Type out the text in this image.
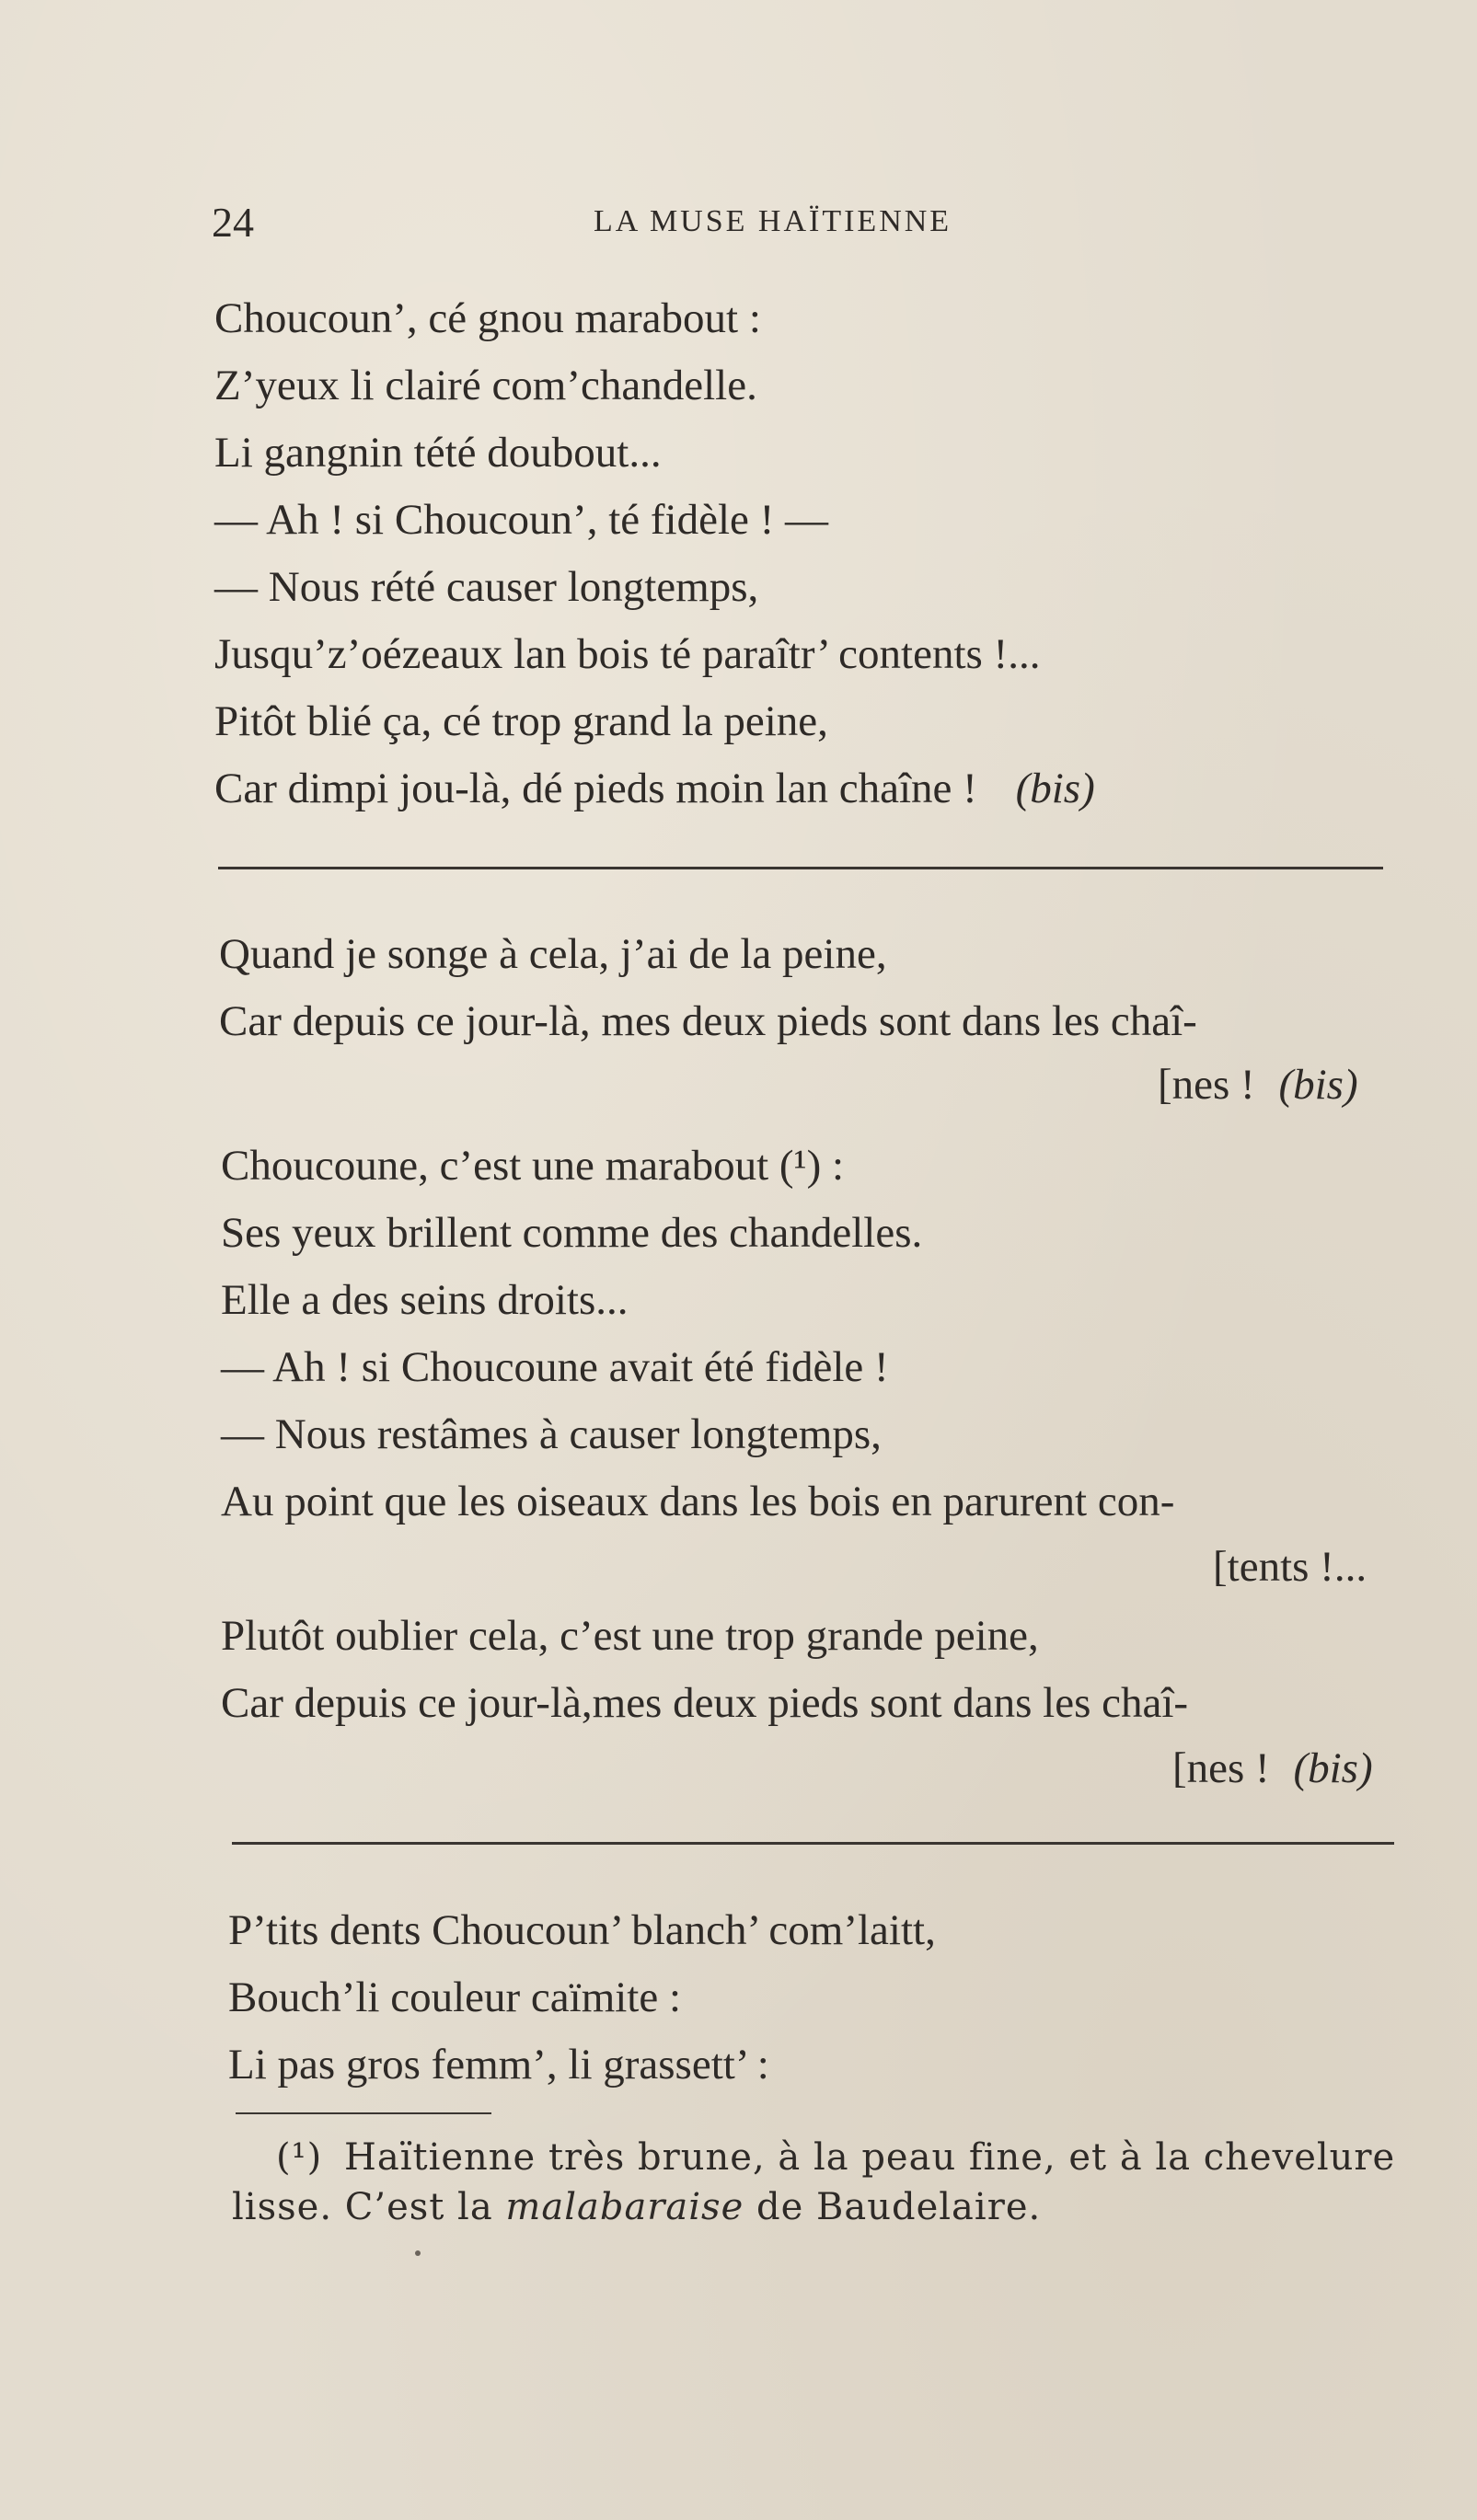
24	LA MUSE HAÏTIENNE
Choucoun’, cé gnou marabout :
Z’yeux li clairé com’chandelle.
Li gangnin tété doubout...
— Ah ! si Choucoun’, té fidèle ! —
— Nous rété causer longtemps,
Jusqu’z’oézeaux lan bois té paraîtr’ contents !...
Pitôt blié ça, cé trop grand la peine,
Car dimpi jou-là, dé pieds moin lan chaîne ! (bis)
Quand je songe à cela, j’ai de la peine,
Car depuis ce jour-là, mes deux pieds sont dans les chaî-
[nes ! (bis)
Choucoune, c’est une marabout (¹) :
Ses yeux brillent comme des chandelles.
Elle a des seins droits...
— Ah ! si Choucoune avait été fidèle !
— Nous restâmes à causer longtemps,
Au point que les oiseaux dans les bois en parurent con-
[tents !...
Plutôt oublier cela, c’est une trop grande peine,
Car depuis ce jour-là,mes deux pieds sont dans les chaî-
[nes ! (bis)
P’tits dents Choucoun’ blanch’ com’laitt,
Bouch’li couleur caïmite :
Li pas gros femm’, li grassett’ :
(¹) Haïtienne très brune, à la peau fine, et à la chevelure
lisse. C’est la malabaraise de Baudelaire.
